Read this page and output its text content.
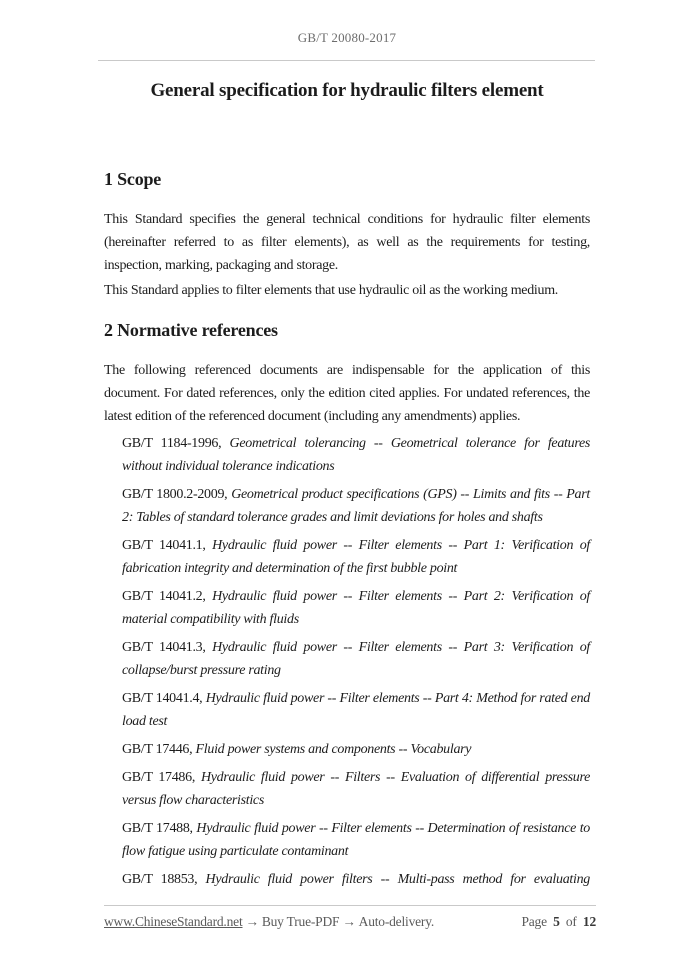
GB/T 20080-2017
General specification for hydraulic filters element
1 Scope

This Standard specifies the general technical conditions for hydraulic filter elements (hereinafter referred to as filter elements), as well as the requirements for testing, inspection, marking, packaging and storage.

This Standard applies to filter elements that use hydraulic oil as the working medium.

2 Normative references

The following referenced documents are indispensable for the application of this document. For dated references, only the edition cited applies. For undated references, the latest edition of the referenced document (including any amendments) applies.

GB/T 1184-1996, Geometrical tolerancing -- Geometrical tolerance for features without individual tolerance indications

GB/T 1800.2-2009, Geometrical product specifications (GPS) -- Limits and fits -- Part 2: Tables of standard tolerance grades and limit deviations for holes and shafts

GB/T 14041.1, Hydraulic fluid power -- Filter elements -- Part 1: Verification of fabrication integrity and determination of the first bubble point

GB/T 14041.2, Hydraulic fluid power -- Filter elements -- Part 2: Verification of material compatibility with fluids

GB/T 14041.3, Hydraulic fluid power -- Filter elements -- Part 3: Verification of collapse/burst pressure rating

GB/T 14041.4, Hydraulic fluid power -- Filter elements -- Part 4: Method for rated end load test

GB/T 17446, Fluid power systems and components -- Vocabulary

GB/T 17486, Hydraulic fluid power -- Filters -- Evaluation of differential pressure versus flow characteristics

GB/T 17488, Hydraulic fluid power -- Filter elements -- Determination of resistance to flow fatigue using particulate contaminant

GB/T 18853, Hydraulic fluid power filters -- Multi-pass method for evaluating

www.ChineseStandard.net → Buy True-PDF → Auto-delivery.	Page 5 of 12
